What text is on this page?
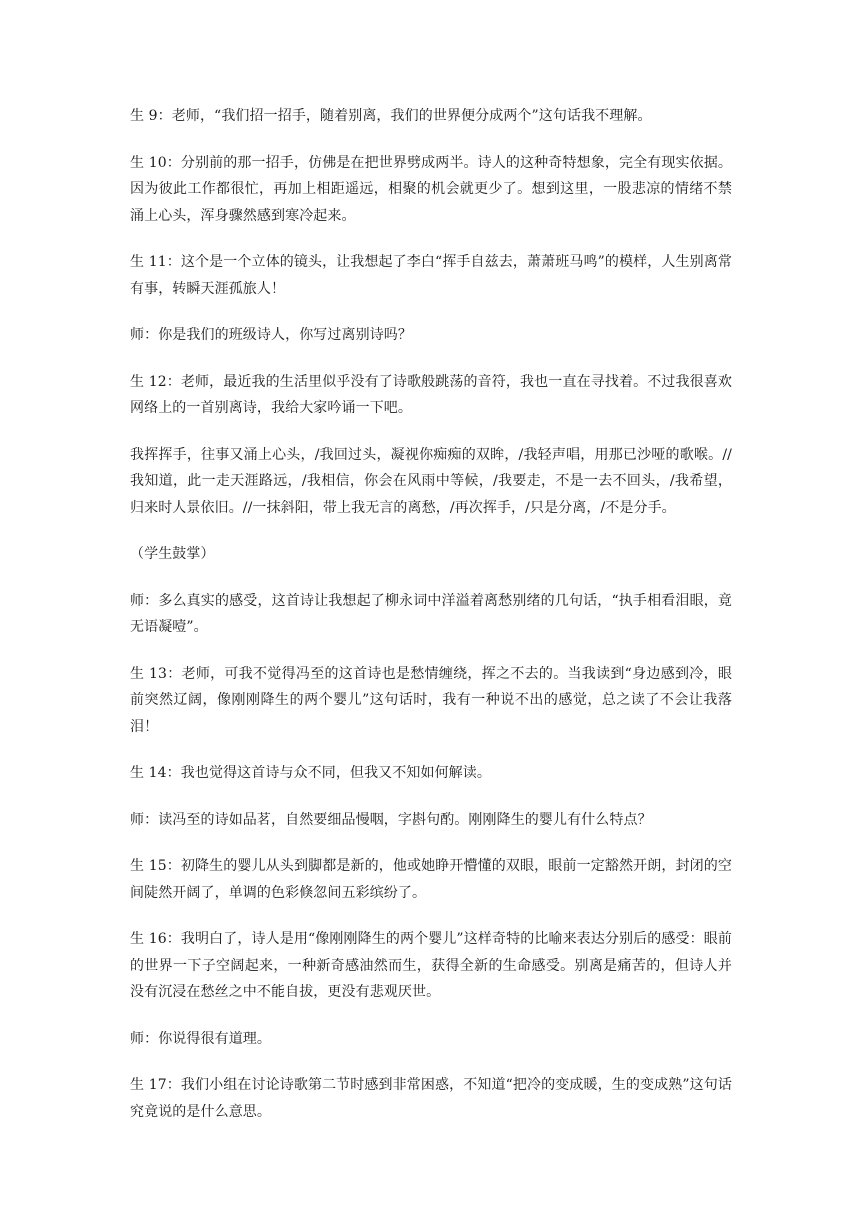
生 9：老师，“我们招一招手，随着别离，我们的世界便分成两个”这句话我不理解。

生 10：分别前的那一招手，仿佛是在把世界劈成两半。诗人的这种奇特想象，完全有现实依据。因为彼此工作都很忙，再加上相距遥远，相聚的机会就更少了。想到这里，一股悲凉的情绪不禁涌上心头，浑身骤然感到寒冷起来。

生 11：这个是一个立体的镜头，让我想起了李白“挥手自兹去，萧萧班马鸣”的模样，人生别离常有事，转瞬天涯孤旅人！

师：你是我们的班级诗人，你写过离别诗吗？

生 12：老师，最近我的生活里似乎没有了诗歌般跳荡的音符，我也一直在寻找着。不过我很喜欢网络上的一首别离诗，我给大家吟诵一下吧。

我挥挥手，往事又涌上心头，/我回过头，凝视你痴痴的双眸，/我轻声唱，用那已沙哑的歌喉。//我知道，此一走天涯路远，/我相信，你会在风雨中等候，/我要走，不是一去不回头，/我希望，归来时人景依旧。//一抹斜阳，带上我无言的离愁，/再次挥手，/只是分离，/不是分手。

（学生鼓掌）

师：多么真实的感受，这首诗让我想起了柳永词中洋溢着离愁别绪的几句话，“执手相看泪眼，竟无语凝噎”。

生 13：老师，可我不觉得冯至的这首诗也是愁情缠绕，挥之不去的。当我读到“身边感到冷，眼前突然辽阔，像刚刚降生的两个婴儿”这句话时，我有一种说不出的感觉，总之读了不会让我落泪！

生 14：我也觉得这首诗与众不同，但我又不知如何解读。

师：读冯至的诗如品茗，自然要细品慢咽，字斟句酌。刚刚降生的婴儿有什么特点？

生 15：初降生的婴儿从头到脚都是新的，他或她睁开懵懂的双眼，眼前一定豁然开朗，封闭的空间陡然开阔了，单调的色彩倏忽间五彩缤纷了。

生 16：我明白了，诗人是用“像刚刚降生的两个婴儿”这样奇特的比喻来表达分别后的感受：眼前的世界一下子空阔起来，一种新奇感油然而生，获得全新的生命感受。别离是痛苦的，但诗人并没有沉浸在愁丝之中不能自拔，更没有悲观厌世。

师：你说得很有道理。

生 17：我们小组在讨论诗歌第二节时感到非常困惑，不知道“把冷的变成暖，生的变成熟”这句话究竟说的是什么意思。
